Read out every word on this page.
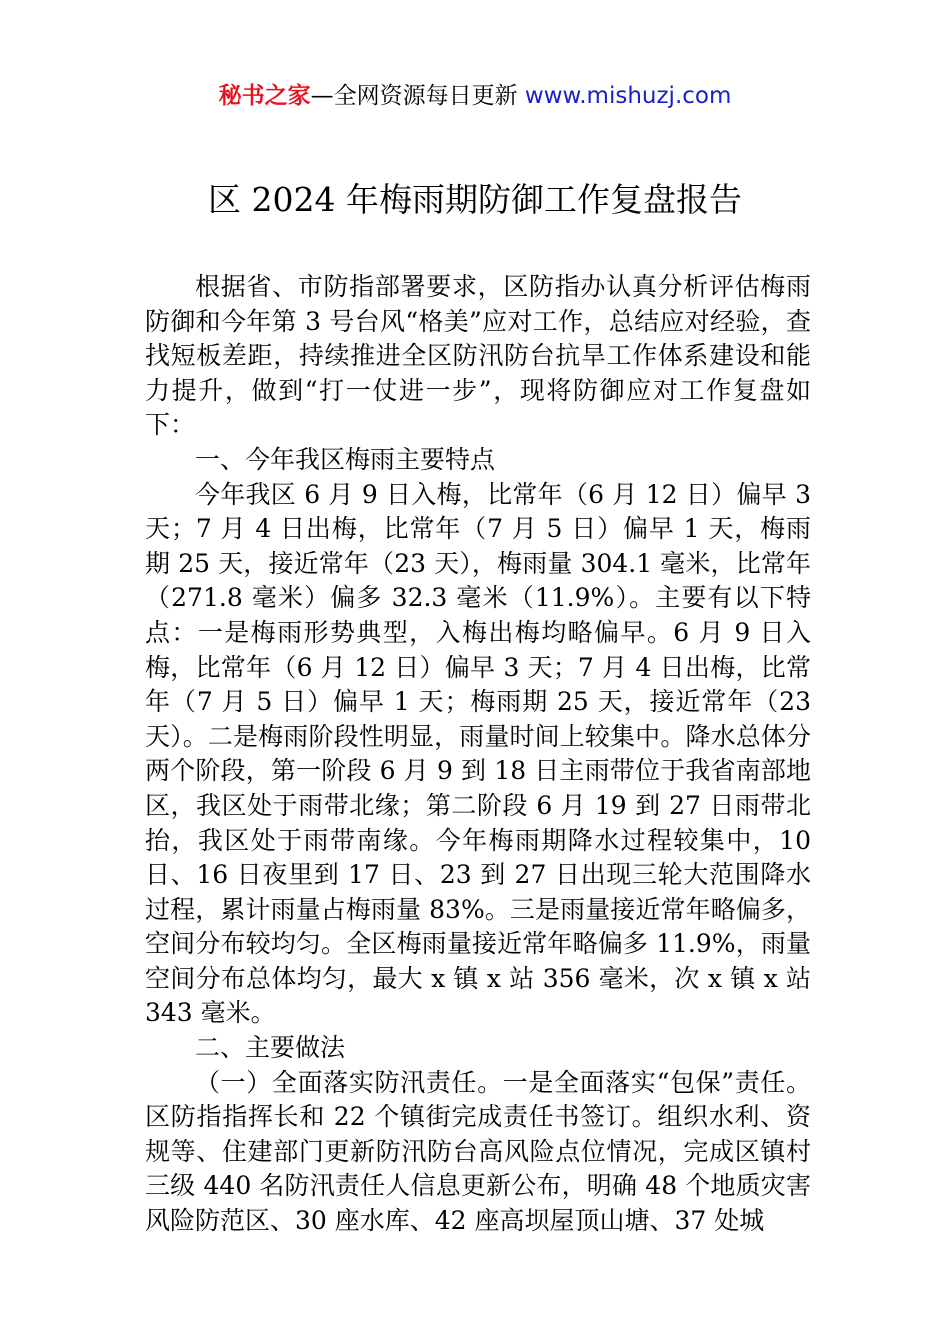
秘书之家—全网资源每日更新 www.mishuzj.com
区 2024 年梅雨期防御工作复盘报告

根据省、市防指部署要求，区防指办认真分析评估梅雨防御和今年第 3 号台风“格美”应对工作，总结应对经验，查找短板差距，持续推进全区防汛防台抗旱工作体系建设和能力提升，做到“打一仗进一步”，现将防御应对工作复盘如下：

一、今年我区梅雨主要特点

今年我区 6 月 9 日入梅，比常年（6 月 12 日）偏早 3 天；7 月 4 日出梅，比常年（7 月 5 日）偏早 1 天，梅雨期 25 天，接近常年（23 天），梅雨量 304.1 毫米，比常年（271.8 毫米）偏多 32.3 毫米（11.9%）。主要有以下特点：一是梅雨形势典型，入梅出梅均略偏早。6 月 9 日入梅，比常年（6 月 12 日）偏早 3 天；7 月 4 日出梅，比常年（7 月 5 日）偏早 1 天；梅雨期 25 天，接近常年（23 天）。二是梅雨阶段性明显，雨量时间上较集中。降水总体分两个阶段，第一阶段 6 月 9 到 18 日主雨带位于我省南部地区，我区处于雨带北缘；第二阶段 6 月 19 到 27 日雨带北抬，我区处于雨带南缘。今年梅雨期降水过程较集中，10 日、16 日夜里到 17 日、23 到 27 日出现三轮大范围降水过程，累计雨量占梅雨量 83%。三是雨量接近常年略偏多，空间分布较均匀。全区梅雨量接近常年略偏多 11.9%，雨量空间分布总体均匀，最大 x 镇 x 站 356 毫米，次 x 镇 x 站 343 毫米。

二、主要做法

（一）全面落实防汛责任。一是全面落实“包保”责任。区防指指挥长和 22 个镇街完成责任书签订。组织水利、资规等、住建部门更新防汛防台高风险点位情况，完成区镇村三级 440 名防汛责任人信息更新公布，明确 48 个地质灾害风险防范区、30 座水库、42 座高坝屋顶山塘、37 处城
